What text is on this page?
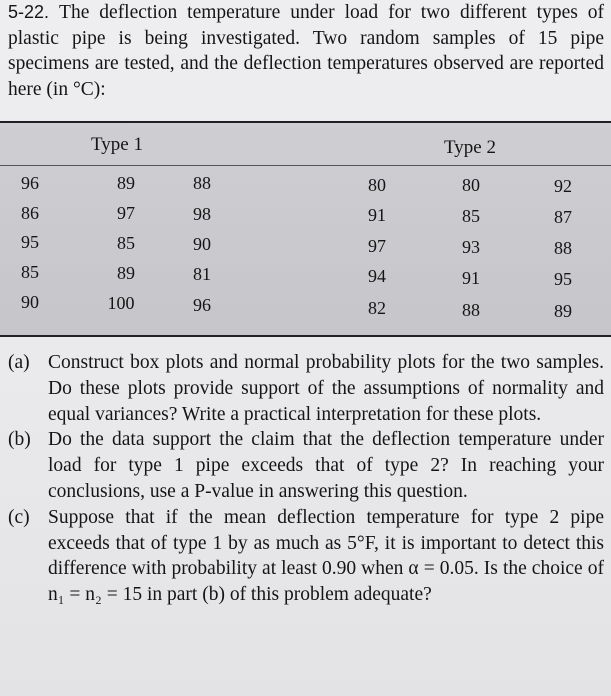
5-22. The deflection temperature under load for two different types of plastic pipe is being investigated. Two random samples of 15 pipe specimens are tested, and the deflection temperatures observed are reported here (in °C):
Type 1	Type 2
96	89	88	80	80	92
86	97	98	91	85	87
95	85	90	97	93	88
85	89	81	94	91	95
90	100	96	82	88	89
(a) Construct box plots and normal probability plots for the two samples. Do these plots provide support of the assumptions of normality and equal variances? Write a practical interpretation for these plots.
(b) Do the data support the claim that the deflection temperature under load for type 1 pipe exceeds that of type 2? In reaching your conclusions, use a P-value in answering this question.
(c) Suppose that if the mean deflection temperature for type 2 pipe exceeds that of type 1 by as much as 5°F, it is important to detect this difference with probability at least 0.90 when α = 0.05. Is the choice of n₁ = n₂ = 15 in part (b) of this problem adequate?
